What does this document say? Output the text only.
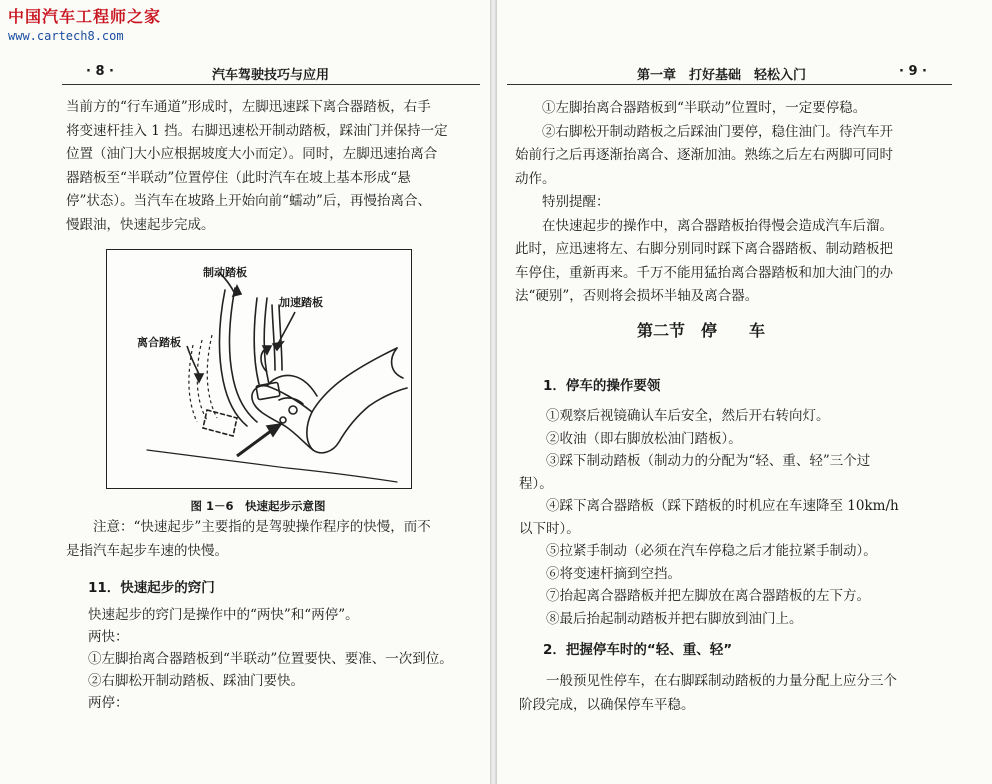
中国汽车工程师之家
www.cartech8.com
· 8 ·	汽车驾驶技巧与应用

当前方的“行车通道”形成时，左脚迅速踩下离合器踏板，右手

将变速杆挂入 1 挡。右脚迅速松开制动踏板，踩油门并保持一定

位置（油门大小应根据坡度大小而定）。同时，左脚迅速抬离合

器踏板至“半联动”位置停住（此时汽车在坡上基本形成“悬

停”状态）。当汽车在坡路上开始向前“蠕动”后，再慢抬离合、

慢跟油，快速起步完成。

制动踏板
加速踏板
离合踏板
图 1－6　快速起步示意图

注意：“快速起步”主要指的是驾驶操作程序的快慢，而不

是指汽车起步车速的快慢。

11．快速起步的窍门

快速起步的窍门是操作中的“两快”和“两停”。

两快：

①左脚抬离合器踏板到“半联动”位置要快、要准、一次到位。

②右脚松开制动踏板、踩油门要快。

两停：

第一章　打好基础　轻松入门	· 9 ·

①左脚抬离合器踏板到“半联动”位置时，一定要停稳。

②右脚松开制动踏板之后踩油门要停，稳住油门。待汽车开

始前行之后再逐渐抬离合、逐渐加油。熟练之后左右两脚可同时

动作。

特别提醒：

在快速起步的操作中，离合器踏板抬得慢会造成汽车后溜。

此时，应迅速将左、右脚分别同时踩下离合器踏板、制动踏板把

车停住，重新再来。千万不能用猛抬离合器踏板和加大油门的办

法“硬别”，否则将会损坏半轴及离合器。

第二节　停　　车
1．停车的操作要领

①观察后视镜确认车后安全，然后开右转向灯。

②收油（即右脚放松油门踏板）。

③踩下制动踏板（制动力的分配为“轻、重、轻”三个过

程）。

④踩下离合器踏板（踩下踏板的时机应在车速降至 10km/h

以下时）。

⑤拉紧手制动（必须在汽车停稳之后才能拉紧手制动）。

⑥将变速杆摘到空挡。

⑦抬起离合器踏板并把左脚放在离合器踏板的左下方。

⑧最后抬起制动踏板并把右脚放到油门上。

2．把握停车时的“轻、重、轻”

一般预见性停车，在右脚踩制动踏板的力量分配上应分三个

阶段完成，以确保停车平稳。
